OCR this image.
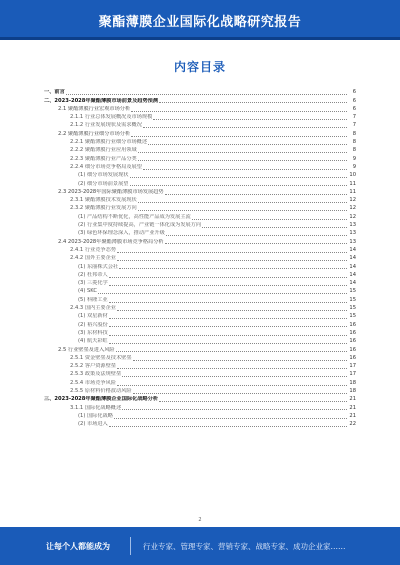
聚酯薄膜企业国际化战略研究报告
内容目录
一、前言	6
二、2023-2028年聚酯薄膜市场前景及趋势预测	6
2.1 聚酯薄膜行业宏观市场分析	6
2.1.1 行业总体发展概况及市场规模	7
2.1.2 行业发展现状及需求概况	7
2.2 聚酯薄膜行业细分市场分析	8
2.2.1 聚酯薄膜行业细分市场概述	8
2.2.2 聚酯薄膜行业应用领域	8
2.2.3 聚酯薄膜行业产品分类	9
2.2.4 细分市场竞争格局及展望	9
(1) 细分市场发展现状	10
(2) 细分市场前景展望	11
2.3 2023-2028年国际聚酯薄膜市场发展趋势	11
2.3.1 聚酯薄膜技术发展现状	12
2.3.2 聚酯薄膜行业发展方向	12
(1) 产品结构不断优化，高性能产品成为发展主流	12
(2) 行业集中度持续提高，产业链一体化成为发展方向	13
(3) 绿色环保理念深入，推动产业升级	13
2.4 2023-2028年聚酯薄膜市场竞争格局分析	13
2.4.1 行业竞争态势	14
2.4.2 国外主要企业	14
(1) 东丽株式会社	14
(2) 杜邦帝人	14
(3) 三菱化学	14
(4) SKC	15
(5) 科隆工业	15
2.4.3 国内主要企业	15
(1) 双星新材	15
(2) 裕兴股份	16
(3) 东材科技	16
(4) 航天彩虹	16
2.5 行业壁垒及进入风险	16
2.5.1 资金壁垒及技术壁垒	16
2.5.2 客户资源壁垒	17
2.5.3 政策及法规壁垒	17
2.5.4 市场竞争风险	18
2.5.5 原材料价格波动风险	18
三、2023-2028年聚酯薄膜企业国际化战略分析	21
3.1.1 国际化战略概述	21
(1) 国际化战略	21
(2) 市场进入	22
2
让每个人都能成为	行业专家、管理专家、营销专家、战略专家、成功企业家……
